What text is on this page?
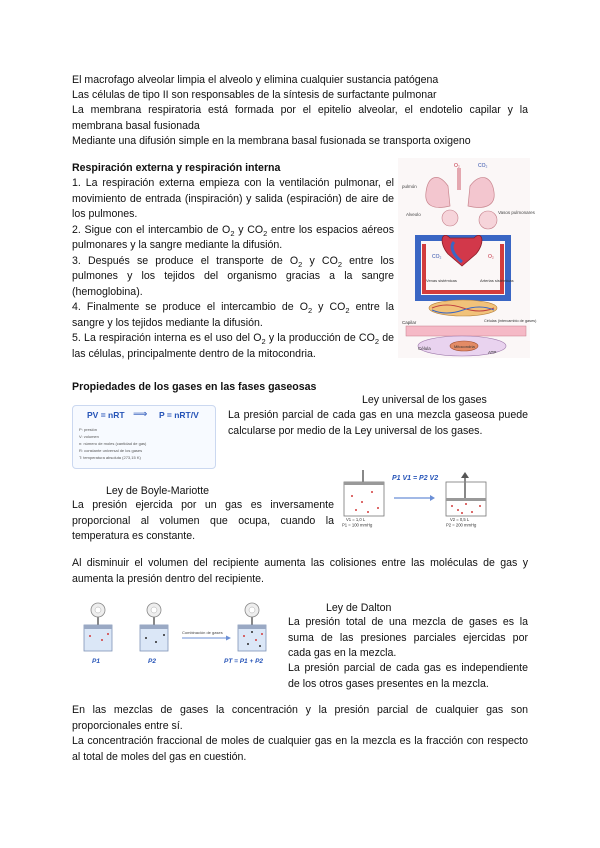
El macrofago alveolar limpia el alveolo y elimina cualquier sustancia patógena
Las células de tipo II son responsables de la síntesis de surfactante pulmonar
La membrana respiratoria está formada por el epitelio alveolar, el endotelio capilar y la membrana basal fusionada
Mediante una difusión simple en la membrana basal fusionada se transporta oxigeno
Respiración externa y respiración interna
1. La respiración externa empieza con la ventilación pulmonar, el movimiento de entrada (inspiración) y salida (espiración) de aire de los pulmones.
2. Sigue con el intercambio de $O_2$ y $CO_2$ entre los espacios aéreos pulmonares y la sangre mediante la difusión.
3. Después se produce el transporte de $O_2$ y $CO_2$ entre los pulmones y los tejidos del organismo gracias a la sangre (hemoglobina).
4. Finalmente se produce el intercambio de $O_2$ y $CO_2$ entre la sangre y los tejidos mediante la difusión.
5. La respiración interna es el uso del $O_2$ y la producción de $CO_2$ de las células, principalmente dentro de la mitocondria.
O₂	CO₂
pulmón
Alveolo	Vasos pulmonares
CO₂	O₂
Venas sistémicas	Arterias sistémicas
Células (intercambio de gases)
Capilar
Célula	Mitocondria
ATP
Propiedades de los gases en las fases gaseosas
Ley universal de los gases
PV = nRT ⟹ P = nRT/V
P: presión
V: volumen
n: número de moles (cantidad de gas)
R: constante universal de los gases
T: temperatura absoluta (273,15 K)
La presión parcial de cada gas en una mezcla gaseosa puede calcularse por medio de la Ley universal de los gases.
Ley de Boyle-Mariotte
La presión ejercida por un gas es inversamente proporcional al volumen que ocupa, cuando la temperatura es constante.
V1 = 1,0 L
P1 = 100 mmHg
P1 V1 = P2 V2
V2 = 0,5 L
P2 = 200 mmHg
Al disminuir el volumen del recipiente aumenta las colisiones entre las moléculas de gas y aumenta la presión dentro del recipiente.
Ley de Dalton
P1	P2
Combinación de gases
PT = P1 + P2
La presión total de una mezcla de gases es la suma de las presiones parciales ejercidas por cada gas en la mezcla.
La presión parcial de cada gas es independiente de los otros gases presentes en la mezcla.
En las mezclas de gases la concentración y la presión parcial de cualquier gas son proporcionales entre sí.
La concentración fraccional de moles de cualquier gas en la mezcla es la fracción con respecto al total de moles del gas en cuestión.
